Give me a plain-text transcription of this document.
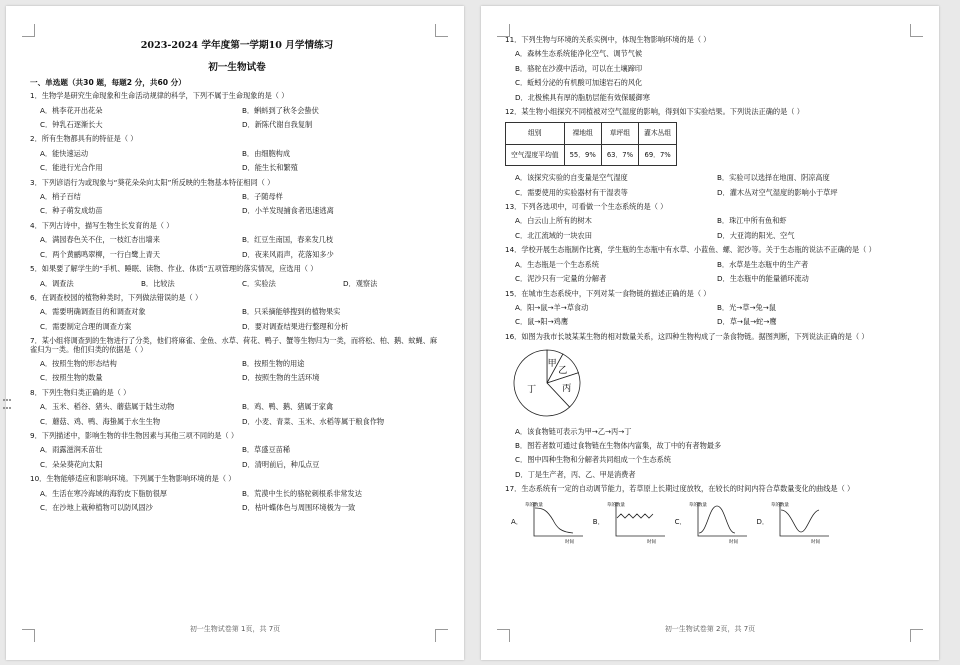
2023-2024 学年度第一学期10 月学情练习
初一生物试卷
一、单选题（共30 题，每题2 分，共60 分）
1．生物学是研究生命现象和生命活动规律的科学，下列不属于生命现象的是（ ）
A．桃李花开出花朵	B．蝌蚪到了秋冬会蛰伏
C．钟乳石逐渐长大	D．新陈代谢自我复制
2．所有生物都具有的特征是（ ）
A．能快速运动	B．由细胞构成
C．能进行光合作用	D．能生长和繁殖
3．下列谚语行为或现象与“葵花朵朵向太阳”所反映的生物基本特征相同（ ）
A．梢子百结	B．子随母样
C．种子萌发成幼苗	D．小羊发现捕食者迅速逃离
4．下列古诗中，描写生物生长发育的是（ ）
A．满园春色关不住，一枝红杏出墙来	B．红豆生南国，春来发几枝
C．两个黄鹂鸣翠柳，一行白鹭上青天	D．夜来风雨声，花落知多少
5．如果要了解学生的“手机、睡眠、读物、作业、体质”五项管理的落实情况，应选用（ ）
A．调查法	B．比较法	C．实验法	D．观察法
6．在调查校园的植物种类时，下列做法错误的是（ ）
A．需要明确调查目的和调查对象	B．只采摘能够搜到的植物果实
C．需要制定合理的调查方案	D．要对调查结果进行整理和分析
7．某小组将调查到的生物进行了分类，他们将麻雀、金鱼、水草、荷花、鸭子、蟹等生物归为一类，而将松、柏、鹅、蚊蝇、麻雀归为一类。他们归类的依据是（ ）
A．按照生物的形态结构	B．按照生物的用途
C．按照生物的数量	D．按照生物的生活环境
8．下列生物归类正确的是（ ）
A．玉米、稻谷、猪头、蘑菇属于陆生动物	B．鸡、鸭、鹅、猪属于家禽
C．蘑菇、鸡、鸭、海蛰属于水生生物	D．小麦、青菜、玉米、水稻等属于粮食作物
9．下列描述中，影响生物的非生物因素与其他三项不同的是（ ）
A．雨露滋润禾苗壮	B．草盛豆苗稀
C．朵朵葵花向太阳	D．清明前后，种瓜点豆
10．生物能够适应和影响环境。下列属于生物影响环境的是（ ）
A．生活在寒冷海域的海豹皮下脂肪很厚	B．荒漠中生长的骆驼刺根系非常发达
C．在沙地上栽种植物可以防风固沙	D．枯叶蝶体色与周围环境极为一致
初一生物试卷第 1页，共 7页
11．下列生物与环境的关系实例中，体现生物影响环境的是（ ）
A．森林生态系统能净化空气、调节气候
B．骆驼在沙漠中活动，可以在土壤蹄印
C．蚯蚓分泌的有机酸可加速岩石的风化
D．北极熊具有厚的脂肪层能有效保暖御寒
12．某生物小组探究不同植被对空气湿度的影响，得到如下实验结果。下列说法正确的是（ ）
组别	裸地组	草坪组	灌木丛组
空气湿度平均值	55．9%	63．7%	69．7%
A．该探究实验的自变量是空气湿度	B．实验可以选择在地面、阴凉高度
C．需要使用的实验器材有干湿表等	D．灌木丛对空气湿度的影响小于草坪
13．下列各选项中，可看做一个生态系统的是（ ）
A．白云山上所有的树木	B．珠江中所有鱼和虾
C．北江流域的一块农田	D．大亚湾的阳光、空气
14．学校开展生态瓶制作比赛，学生瓶的生态瓶中有水草、小蓝鱼、螺、泥沙等。关于生态瓶的说法不正确的是（ ）
A．生态瓶是一个生态系统	B．水草是生态瓶中的生产者
C．泥沙只有一定量的分解者	D．生态瓶中的能量循环流动
15．在城市生态系统中，下列对某一食物链的描述正确的是（ ）
A．阳→鼠→羊→草食动	B．光→草→兔→鼠
C．鼠→阳→鸡鹰	D．草→鼠→蛇→鹰
16．如图为我市长坡某某生物的相对数量关系，这四种生物构成了一条食物链。据图判断，下列说法正确的是（ ）
甲
乙
丙
丁
A．该食物链可表示为甲→乙→丙→丁
B．图若者数可通过食物链在生物体内富集，故丁中的有者物最多
C．图中四种生物和分解者共同组成一个生态系统
D．丁是生产者，丙、乙、甲是消费者
17．生态系统有一定的自动调节能力，若草原上长期过度放牧，在较长的时间内符合草数量变化的曲线是（ ）
A．
草的数量
时间
B．
草的数量
时间
C．
草的数量
时间
D．
草的数量
时间
初一生物试卷第 2页，共 7页
